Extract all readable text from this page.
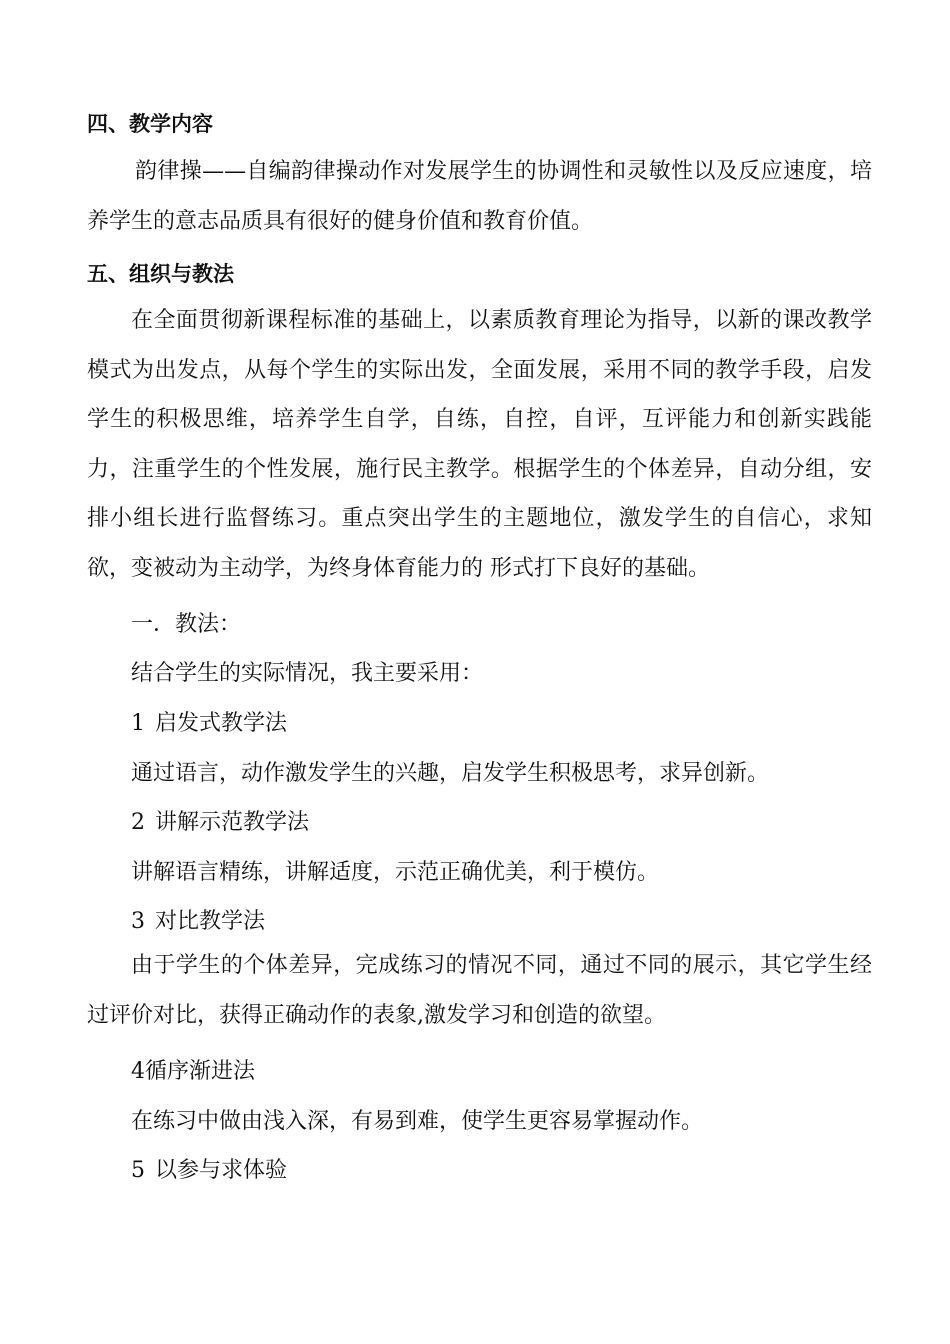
四、教学内容

韵律操——自编韵律操动作对发展学生的协调性和灵敏性以及反应速度，培养学生的意志品质具有很好的健身价值和教育价值。

五、组织与教法

在全面贯彻新课程标准的基础上，以素质教育理论为指导，以新的课改教学模式为出发点，从每个学生的实际出发，全面发展，采用不同的教学手段，启发学生的积极思维，培养学生自学，自练，自控，自评，互评能力和创新实践能力，注重学生的个性发展，施行民主教学。根据学生的个体差异，自动分组，安排小组长进行监督练习。重点突出学生的主题地位，激发学生的自信心，求知欲，变被动为主动学，为终身体育能力的 形式打下良好的基础。

一．教法：
结合学生的实际情况，我主要采用：
1 启发式教学法
通过语言，动作激发学生的兴趣，启发学生积极思考，求异创新。
2 讲解示范教学法
讲解语言精练，讲解适度，示范正确优美，利于模仿。
3 对比教学法

由于学生的个体差异，完成练习的情况不同，通过不同的展示，其它学生经过评价对比，获得正确动作的表象,激发学习和创造的欲望。

4循序渐进法
在练习中做由浅入深，有易到难，使学生更容易掌握动作。
5 以参与求体验
